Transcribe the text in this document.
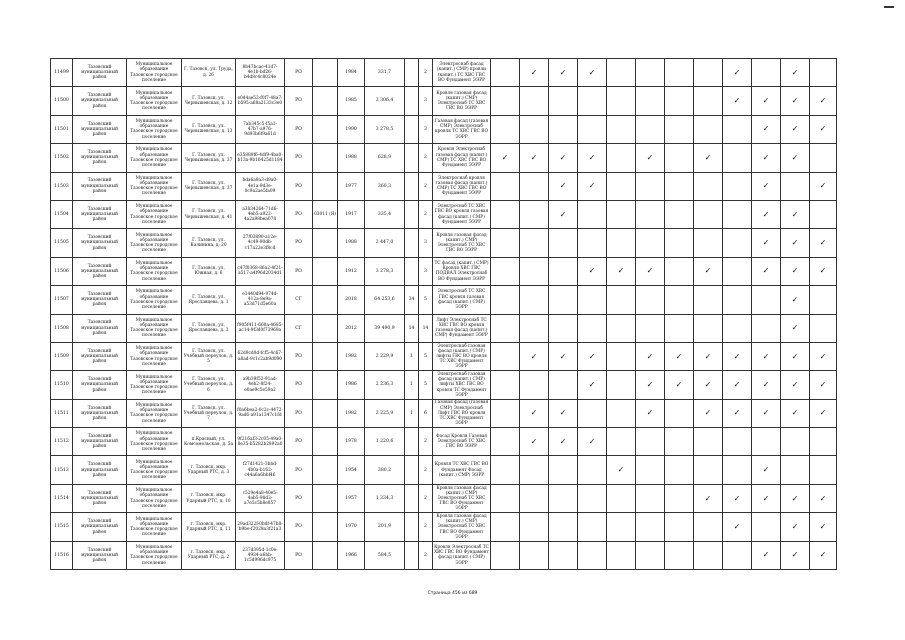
11499	Тазовский муниципальный район	Муниципальное образование Тазовское городское поселение	Г. Тазовск, ул. Труда, д. 26	8b47bcac-41d7-4e1b-bd26-b4d8c4c8024e	РО		1984	331,7		2	Электроснаб фасад (капит.) СМР) кровли (капит.) ТС ХВС ГВС ВО Фундамент ЭЭРР		✓	✓	✓					✓		✓	
11500	Тазовский муниципальный район	Муниципальное образование Тазовское городское поселение	Г. Тазовск, ул. Чернышевская, д. 12	e0d4ae52-f0f7-48a7-b595-a68a2133c3e0	РО		1985	3 306,4		3	Кровля газовая фасад (капит.) СМР) Электроснаб ТС ХВС ГВС ВО ЭЭРР									✓	✓	✓	✓
11501	Тазовский муниципальный район	Муниципальное образование Тазовское городское поселение	Г. Тазовск, ул. Чернышевская, д. 13	7ab345c5-f5a1-47b7-a976-9d93b6f9a61d	РО		1990	3 278,5		3	Газовая фасад (газовая СМР) Электроснаб кровля ТС ХВС ГВС ВО ЭЭРР										✓	✓	✓
11502	Тазовский муниципальный район	Муниципальное образование Тазовское городское поселение	Г. Тазовск, ул. Чернышевская, д. 37	e35889f6-4df9-4ba0-b13a-9b16425d1184	РО		1988	628,9		2	Кровля Электроснаб газовая фасад (капит.) СМР) ТС ХВС ГВС ВО Фундамент ЭЭРР	✓	✓	✓	✓		✓		✓		✓	✓	
11503	Тазовский муниципальный район	Муниципальное образование Тазовское городское поселение	Г. Тазовск, ул. Чернышевская, д. 37	bda6a9a3-d9a0-4e1a-9d3e-0c9a2ae5fa09	РО		1977	360,3		2	Электроснаб кровля газовая фасад (капит.) СМР) ТС ХВС ГВС ВО Фундамент ЭЭРР			✓	✓						✓		✓
11504	Тазовский муниципальный район	Муниципальное образование Тазовское городское поселение	Г. Тазовск, ул. Чернышевская, д. 41	a3834264-71d6-4eb5-a922-4a2a98bea078	РО	03011 (Я)	1917	335,4		2	Электроснаб ТС ХВС ГВС ВО кровля газовая фасад (капит.) СМР) Фундамент ЭЭРР			✓							✓	✓	
11505	Тазовский муниципальный район	Муниципальное образование Тазовское городское поселение	Г. Тазовск, ул. Калинина, д. 20	27f03890-a12e-4c49-90db-c17a22e3f8cd	РО		1988	2 447,0		3	Кровля газовая фасад (капит.) СМР) Электроснаб ТС ХВС ГВС ВО ЭЭРР										✓	✓	✓
11506	Тазовский муниципальный район	Муниципальное образование Тазовское городское поселение	Г. Тазовск, ул. Южная, д. 6	c47f0368-86a2-4f21-a517-a4f96d2034d1	РО		1912	3 278,3		3	ТС фасад (капит.) СМР) Кровля ХВС ГВС ПОДВАЛ Электроснаб ВО Фундамент ЭЭРР				✓	✓	✓		✓		✓	✓	✓
11507	Тазовский муниципальный район	Муниципальное образование Тазовское городское поселение	Г. Тазовск, ул. Ярославцева, д. 1	e1440d94-974d-412a-8e9a-a53d71d5e60a	СГ		2018	64 253,6	34	5	Электроснаб ТС ХВС ГВС кровля газовая фасад (капит.) СМР) ЭЭРР											✓	
11508	Тазовский муниципальный район	Муниципальное образование Тазовское городское поселение	Г. Тазовск, ул. Ярославцева, д. 3	f905f411-660a-4685-ac14-9f3d0f73969a	СГ		2012	39 490,9	14	14	Лифт Электроснаб ТС ХВС ГВС ВО кровля газовая фасад (капит.) СМР) Фундамент ЭЭРР											✓	
11509	Тазовский муниципальный район	Муниципальное образование Тазовское городское поселение	Г. Тазовск, ул. Учебный переулок, д. 5	62d9cd0d-fcf5-4c67-a8ad-9c1c2ab9d090	РО		1982	2 229,9	1	5	Электроснаб газовая фасад (капит.) СМР) лифты ГВС ВО кровля ТС ХВС Фундамент ЭЭРР		✓	✓	✓		✓	✓	✓	✓	✓	✓	✓
11510	Тазовский муниципальный район	Муниципальное образование Тазовское городское поселение	Г. Тазовск, ул. Учебный переулок, д. 6	a9b39f52-91ad-4eb2-8f24-e0ae9c5e59a2	РО		1986	2 236,3	1	5	Электроснаб газовая фасад (капит.) СМР) лифты ХВС ГВС ВО кровля ТС Фундамент ЭЭРР				✓		✓	✓	✓	✓	✓	✓	✓
11511	Тазовский муниципальный район	Муниципальное образование Тазовское городское поселение	Г. Тазовск, ул. Учебный переулок, д. 7	f0a6bea2-0c2c-4472-9ad6-a91a1347c1fd	РО		1982	2 225,9	1	6	Газовая фасад (газовая СМР) Электроснаб Лифт ГВС ВО кровля ТС ХВС Фундамент ЭЭРР		✓	✓			✓		✓	✓	✓	✓	✓
11512	Тазовский муниципальный район	Муниципальное образование Тазовское городское поселение	п.Красный, ул. Комсомольская, д. 5а	9f216af3-2c05-49a0-8e35-b5282b2892a0	РО		1978	1 220,6		2	Фасад Кровля Газовая Электроснаб ТС ХВС ГВС ВО ЭЭРР		✓	✓	✓								
11513	Тазовский муниципальный район	Муниципальное образование Тазовское городское поселение	г. Тазовск, мкр. Ударный РТС, д. 3	f27d1421-3bbd-4b0a-b162-c44a6a6bbf46	РО		1954	380,2		2	Кровля ТС ХВС ГВС ВО Фундамент Фасад (капит.) СМР) ЭЭРР					✓					✓		
11514	Тазовский муниципальный район	Муниципальное образование Тазовское городское поселение	г. Тазовск, мкр. Ударный РТС, д. 10	c529e4a8-40e5-4ab5-98d3-a7e5c5b8e857	РО		1957	1 334,3		2	Кровля газовая фасад (капит.) СМР) Электроснаб ТС ХВС ГВС ВО Фундамент ЭЭРР								✓	✓	✓	✓	✓
11515	Тазовский муниципальный район	Муниципальное образование Тазовское городское поселение	г. Тазовск, мкр. Ударный РТС, д. 11	29ad322f-0bdf-47b8-b9be-f2028a3f21a3	РО		1970	201,9		2	Кровля газовая фасад (капит.) СМР) Электроснаб ТС ХВС ГВС ВО Фундамент ЭЭРР									✓		✓	✓
11516	Тазовский муниципальный район	Муниципальное образование Тазовское городское поселение	г. Тазовск, мкр. Ударный РТС, д. 2	237d395d-1c0e-4934-a6bb-1c5d996dc975	РО		1966	584,5		2	Кровля Электроснаб ТС ХВС ГВС ВО Фундамент фасад (капит.) СМР) ЭЭРР										✓	✓	✓
Страница 456 из 689
